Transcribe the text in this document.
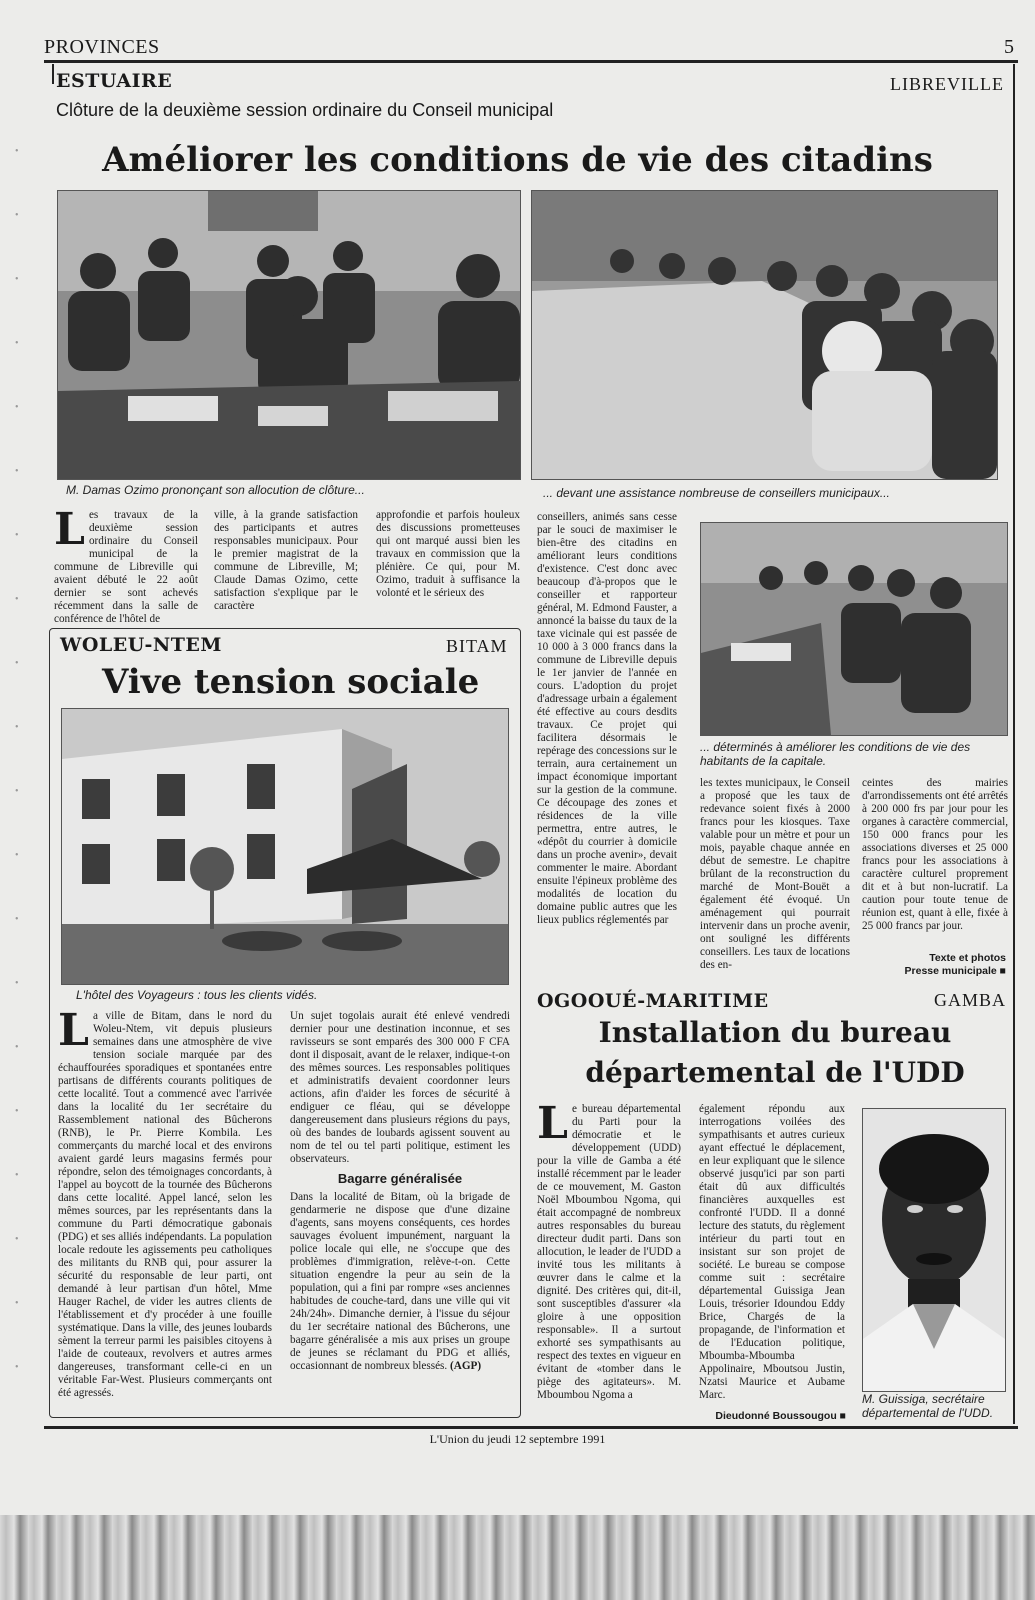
PROVINCES	5
ESTUAIRE	LIBREVILLE
Clôture de la deuxième session ordinaire du Conseil municipal
Améliorer les conditions de vie des citadins
M. Damas Ozimo prononçant son allocution de clôture...	... devant une assistance nombreuse de conseillers municipaux...
Les travaux de la deuxième session ordinaire du Conseil municipal de la commune de Libreville qui avaient débuté le 22 août dernier se sont achevés récemment dans la salle de conférence de l'hôtel de
ville, à la grande satisfaction des participants et autres responsables municipaux. Pour le premier magistrat de la commune de Libreville, M; Claude Damas Ozimo, cette satisfaction s'explique par le caractère
approfondie et parfois houleux des discussions prometteuses qui ont marqué aussi bien les travaux en commission que la plénière. Ce qui, pour M. Ozimo, traduit à suffisance la volonté et le sérieux des
conseillers, animés sans cesse par le souci de maximiser le bien-être des citadins en améliorant leurs conditions d'existence. C'est donc avec beaucoup d'à-propos que le conseiller et rapporteur général, M. Edmond Fauster, a annoncé la baisse du taux de la taxe vicinale qui est passée de 10 000 à 3 000 francs dans la commune de Libreville depuis le 1er janvier de l'année en cours. L'adoption du projet d'adressage urbain a également été effective au cours desdits travaux. Ce projet qui facilitera désormais le repérage des concessions sur le terrain, aura certainement un impact économique important sur la gestion de la commune. Ce découpage des zones et résidences de la ville permettra, entre autres, le «dépôt du courrier à domicile dans un proche avenir», devait commenter le maire. Abordant ensuite l'épineux problème des modalités de location du domaine public autres que les lieux publics réglementés par
... déterminés à améliorer les conditions de vie des habitants de la capitale.
les textes municipaux, le Conseil a proposé que les taux de redevance soient fixés à 2000 francs pour les kiosques. Taxe valable pour un mètre et pour un mois, payable chaque année en début de semestre. Le chapitre brûlant de la reconstruction du marché de Mont-Bouët a également été évoqué. Un aménagement qui pourrait intervenir dans un proche avenir, ont souligné les différents conseillers. Les taux de locations des en-
ceintes des mairies d'arrondissements ont été arrêtés à 200 000 frs par jour pour les organes à caractère commercial, 150 000 francs pour les associations diverses et 25 000 francs pour les associations à caractère culturel proprement dit et à but non-lucratif. La caution pour toute tenue de réunion est, quant à elle, fixée à 25 000 francs par jour.
Texte et photos
Presse municipale ■
WOLEU-NTEM	BITAM
Vive tension sociale
L'hôtel des Voyageurs : tous les clients vidés.
La ville de Bitam, dans le nord du Woleu-Ntem, vit depuis plusieurs semaines dans une atmosphère de vive tension sociale marquée par des échauffourées sporadiques et spontanées entre partisans de différents courants politiques de cette localité. Tout a commencé avec l'arrivée dans la localité du 1er secrétaire du Rassemblement national des Bûcherons (RNB), le Pr. Pierre Kombila. Les commerçants du marché local et des environs avaient gardé leurs magasins fermés pour répondre, selon des témoignages concordants, à l'appel au boycott de la tournée des Bûcherons dans cette localité. Appel lancé, selon les mêmes sources, par les représentants dans la commune du Parti démocratique gabonais (PDG) et ses alliés indépendants. La population locale redoute les agissements peu catholiques des militants du RNB qui, pour assurer la sécurité du responsable de leur parti, ont demandé à leur partisan d'un hôtel, Mme Hauger Rachel, de vider les autres clients de l'établissement et d'y procéder à une fouille systématique. Dans la ville, des jeunes loubards sèment la terreur parmi les paisibles citoyens à l'aide de couteaux, revolvers et autres armes dangereuses, transformant celle-ci en un véritable Far-West. Plusieurs commerçants ont été agressés.
Un sujet togolais aurait été enlevé vendredi dernier pour une destination inconnue, et ses ravisseurs se sont emparés des 300 000 F CFA dont il disposait, avant de le relaxer, indique-t-on des mêmes sources. Les responsables politiques et administratifs devaient coordonner leurs actions, afin d'aider les forces de sécurité à endiguer ce fléau, qui se développe dangereusement dans plusieurs régions du pays, où des bandes de loubards agissent souvent au nom de tel ou tel parti politique, estiment les observateurs.
Bagarre généralisée
Dans la localité de Bitam, où la brigade de gendarmerie ne dispose que d'une dizaine d'agents, sans moyens conséquents, ces hordes sauvages évoluent impunément, narguant la police locale qui elle, ne s'occupe que des problèmes d'immigration, relève-t-on. Cette situation engendre la peur au sein de la population, qui a fini par rompre «ses anciennes habitudes de couche-tard, dans une ville qui vit 24h/24h». Dimanche dernier, à l'issue du séjour du 1er secrétaire national des Bûcherons, une bagarre généralisée a mis aux prises un groupe de jeunes se réclamant du PDG et alliés, occasionnant de nombreux blessés. (AGP)
OGOOUÉ-MARITIME	GAMBA
Installation du bureau
départemental de l'UDD
Le bureau départemental du Parti pour la démocratie et le développement (UDD) pour la ville de Gamba a été installé récemment par le leader de ce mouvement, M. Gaston Noël Mboumbou Ngoma, qui était accompagné de nombreux autres responsables du bureau directeur dudit parti. Dans son allocution, le leader de l'UDD a invité tous les militants à œuvrer dans le calme et la dignité. Des critères qui, dit-il, sont susceptibles d'assurer «la gloire à une opposition responsable». Il a surtout exhorté ses sympathisants au respect des textes en vigueur en évitant de «tomber dans le piège des agitateurs». M. Mboumbou Ngoma a
également répondu aux interrogations voilées des sympathisants et autres curieux ayant effectué le déplacement, en leur expliquant que le silence observé jusqu'ici par son parti était dû aux difficultés financières auxquelles est confronté l'UDD. Il a donné lecture des statuts, du règlement intérieur du parti tout en insistant sur son projet de société. Le bureau se compose comme suit : secrétaire départemental Guissiga Jean Louis, trésorier Idoundou Eddy Brice, Chargés de la propagande, de l'information et de l'Education politique, Mboumba-Mboumba Appolinaire, Mboutsou Justin, Nzatsi Maurice et Aubame Marc.
Dieudonné Boussougou ■
M. Guissiga, secrétaire départemental de l'UDD.
L'Union du jeudi 12 septembre 1991
•
•
•
•
•
•
•
•
•
•
•
•
•
•
•
•
•
•
•
•
